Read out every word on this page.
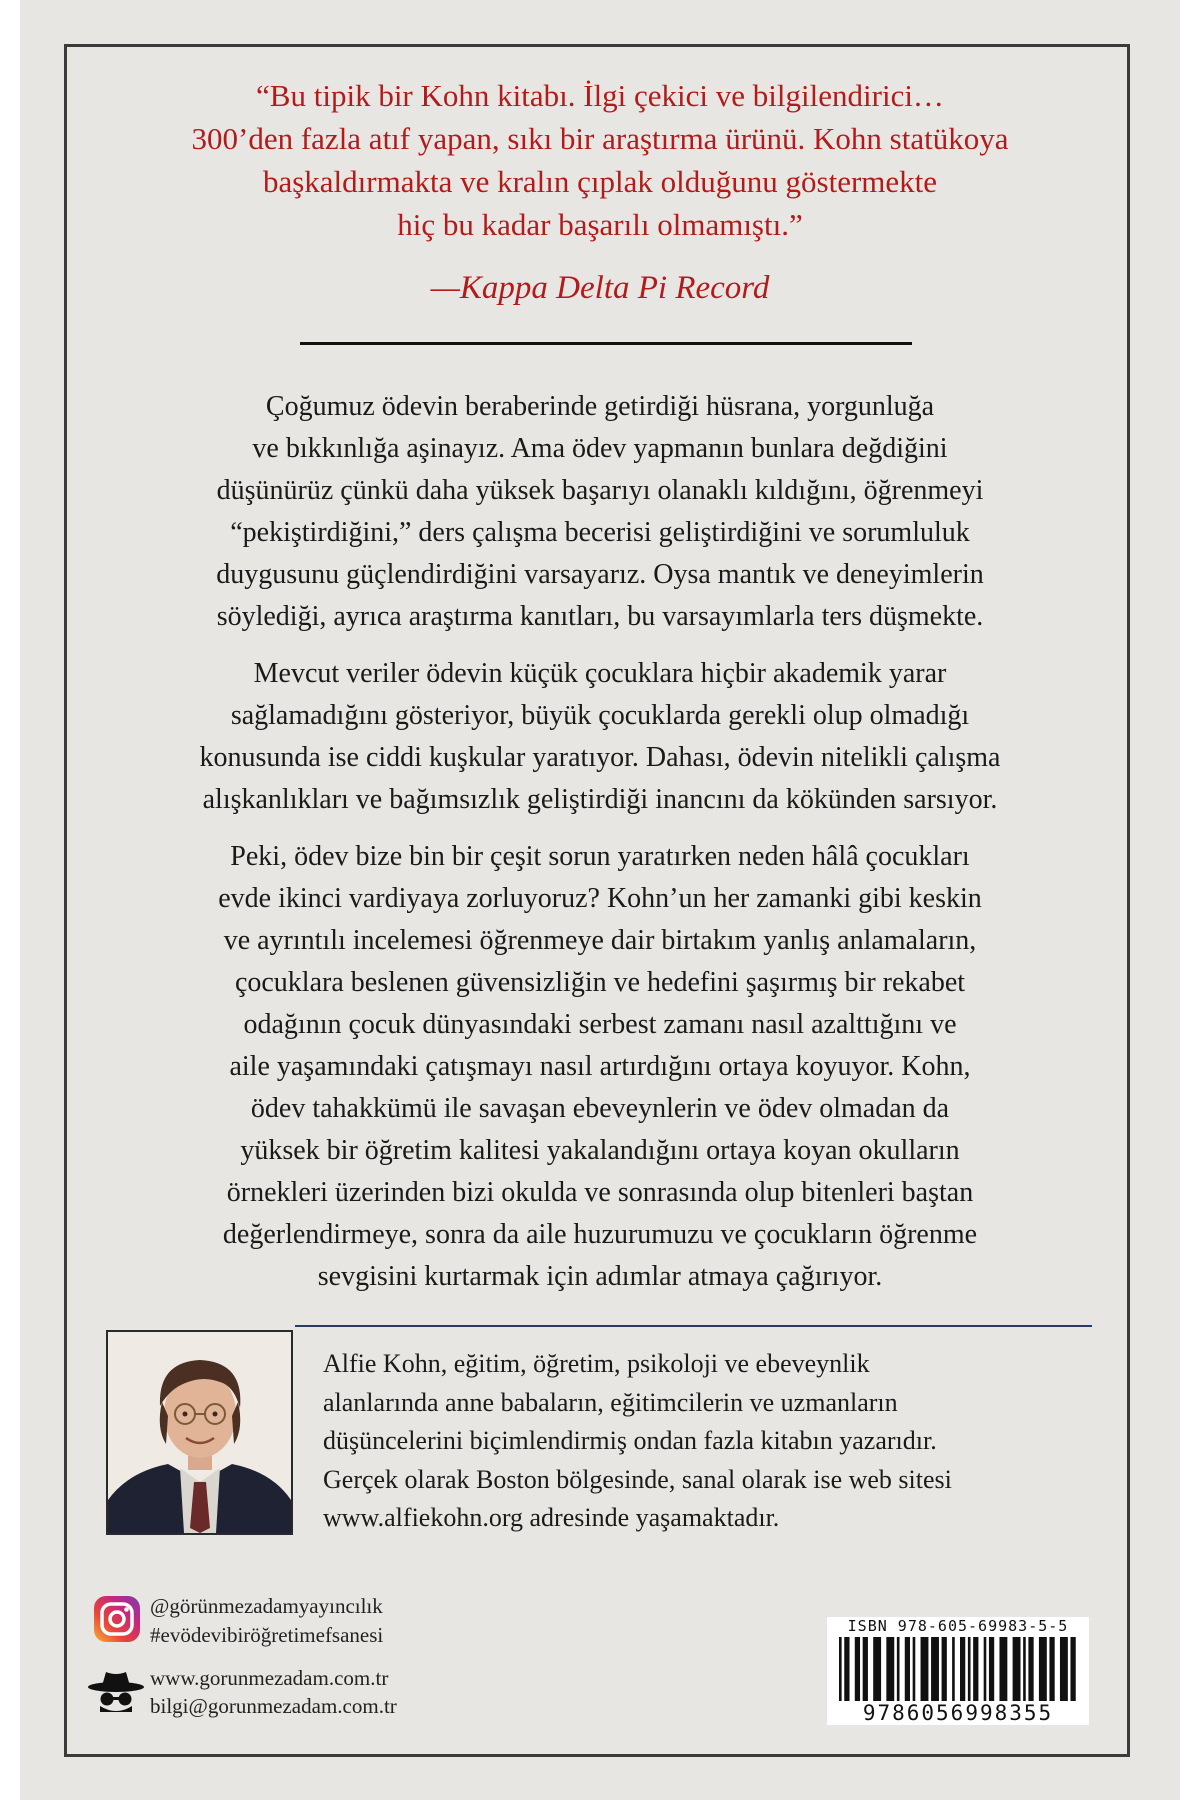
“Bu tipik bir Kohn kitabı. İlgi çekici ve bilgilendirici…
300’den fazla atıf yapan, sıkı bir araştırma ürünü. Kohn statükoya
başkaldırmakta ve kralın çıplak olduğunu göstermekte
hiç bu kadar başarılı olmamıştı.”
—Kappa Delta Pi Record
Çoğumuz ödevin beraberinde getirdiği hüsrana, yorgunluğa
ve bıkkınlığa aşinayız. Ama ödev yapmanın bunlara değdiğini
düşünürüz çünkü daha yüksek başarıyı olanaklı kıldığını, öğrenmeyi
“pekiştirdiğini,” ders çalışma becerisi geliştirdiğini ve sorumluluk
duygusunu güçlendirdiğini varsayarız. Oysa mantık ve deneyimlerin
söylediği, ayrıca araştırma kanıtları, bu varsayımlarla ters düşmekte.
Mevcut veriler ödevin küçük çocuklara hiçbir akademik yarar
sağlamadığını gösteriyor, büyük çocuklarda gerekli olup olmadığı
konusunda ise ciddi kuşkular yaratıyor. Dahası, ödevin nitelikli çalışma
alışkanlıkları ve bağımsızlık geliştirdiği inancını da kökünden sarsıyor.
Peki, ödev bize bin bir çeşit sorun yaratırken neden hâlâ çocukları
evde ikinci vardiyaya zorluyoruz? Kohn’un her zamanki gibi keskin
ve ayrıntılı incelemesi öğrenmeye dair birtakım yanlış anlamaların,
çocuklara beslenen güvensizliğin ve hedefini şaşırmış bir rekabet
odağının çocuk dünyasındaki serbest zamanı nasıl azalttığını ve
aile yaşamındaki çatışmayı nasıl artırdığını ortaya koyuyor. Kohn,
ödev tahakkümü ile savaşan ebeveynlerin ve ödev olmadan da
yüksek bir öğretim kalitesi yakalandığını ortaya koyan okulların
örnekleri üzerinden bizi okulda ve sonrasında olup bitenleri baştan
değerlendirmeye, sonra da aile huzurumuzu ve çocukların öğrenme
sevgisini kurtarmak için adımlar atmaya çağırıyor.
Alfie Kohn, eğitim, öğretim, psikoloji ve ebeveynlik
alanlarında anne babaların, eğitimcilerin ve uzmanların
düşüncelerini biçimlendirmiş ondan fazla kitabın yazarıdır.
Gerçek olarak Boston bölgesinde, sanal olarak ise web sitesi
www.alfiekohn.org adresinde yaşamaktadır.
@görünmezadamyayıncılık
#evödevibiröğretimefsanesi
www.gorunmezadam.com.tr
bilgi@gorunmezadam.com.tr
ISBN 978-605-69983-5-5
9786056998355
